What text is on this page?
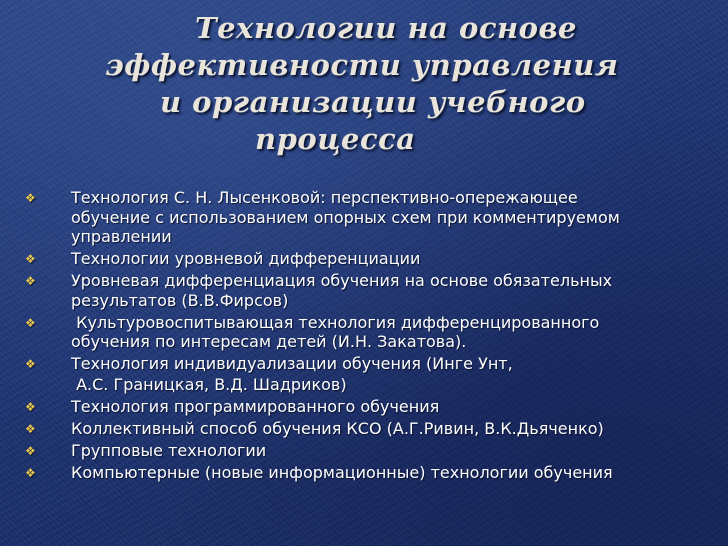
Технологии на основе
эффективности управления
и организации учебного
процесса
❖
Технология С. Н. Лысенковой: перспективно-опережающее
обучение с использованием опорных схем при комментируемом
управлении
❖
Технологии уровневой дифференциации
❖
Уровневая дифференциация обучения на основе обязательных
результатов (В.В.Фирсов)
❖
Культуровоспитывающая технология дифференцированного
обучения по интересам детей (И.Н. Закатова).
❖
Технология индивидуализации обучения (Инге Унт,
А.С. Границкая, В.Д. Шадриков)
❖
Технология программированного обучения
❖
Коллективный способ обучения КСО (А.Г.Ривин, В.К.Дьяченко)
❖
Групповые технологии
❖
Компьютерные (новые информационные) технологии обучения
